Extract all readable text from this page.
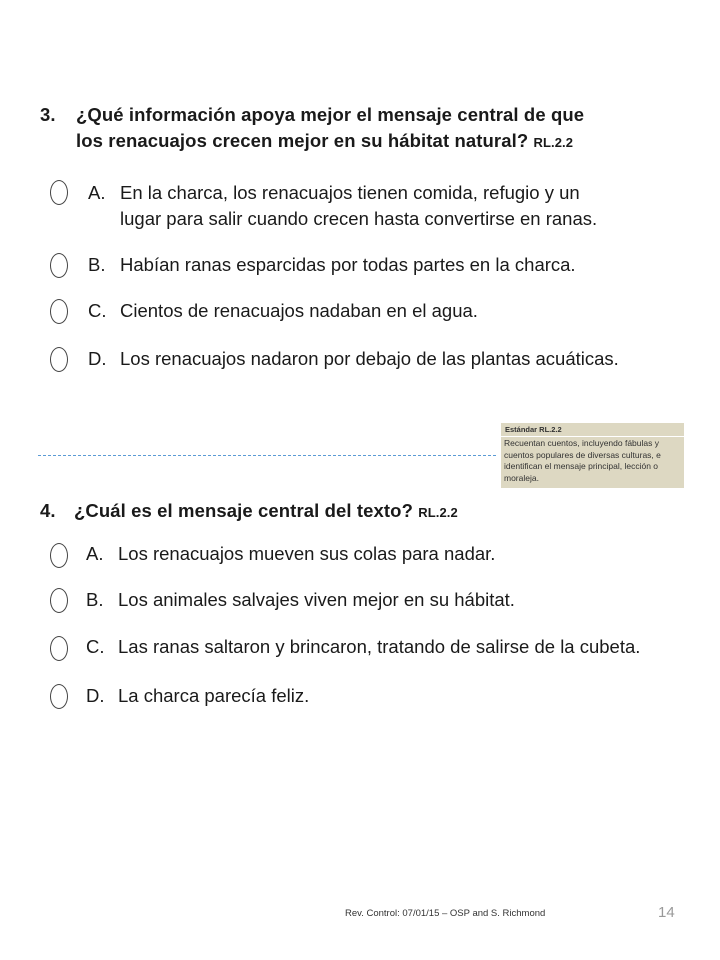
3. ¿Qué información apoya mejor el mensaje central de que
los renacuajos crecen mejor en su hábitat natural? RL.2.2
A. En la charca, los renacuajos tienen comida, refugio y un
lugar para salir cuando crecen hasta convertirse en ranas.
B. Habían ranas esparcidas por todas partes en la charca.
C. Cientos de renacuajos nadaban en el agua.
D. Los renacuajos nadaron por debajo de las plantas acuáticas.
Estándar RL.2.2
Recuentan cuentos, incluyendo fábulas y cuentos populares de diversas culturas, e identifican el mensaje principal, lección o moraleja.
4. ¿Cuál es el mensaje central del texto? RL.2.2
A. Los renacuajos mueven sus colas para nadar.
B. Los animales salvajes viven mejor en su hábitat.
C. Las ranas saltaron y brincaron, tratando de salirse de la cubeta.
D. La charca parecía feliz.
Rev. Control: 07/01/15 – OSP and S. Richmond	14
